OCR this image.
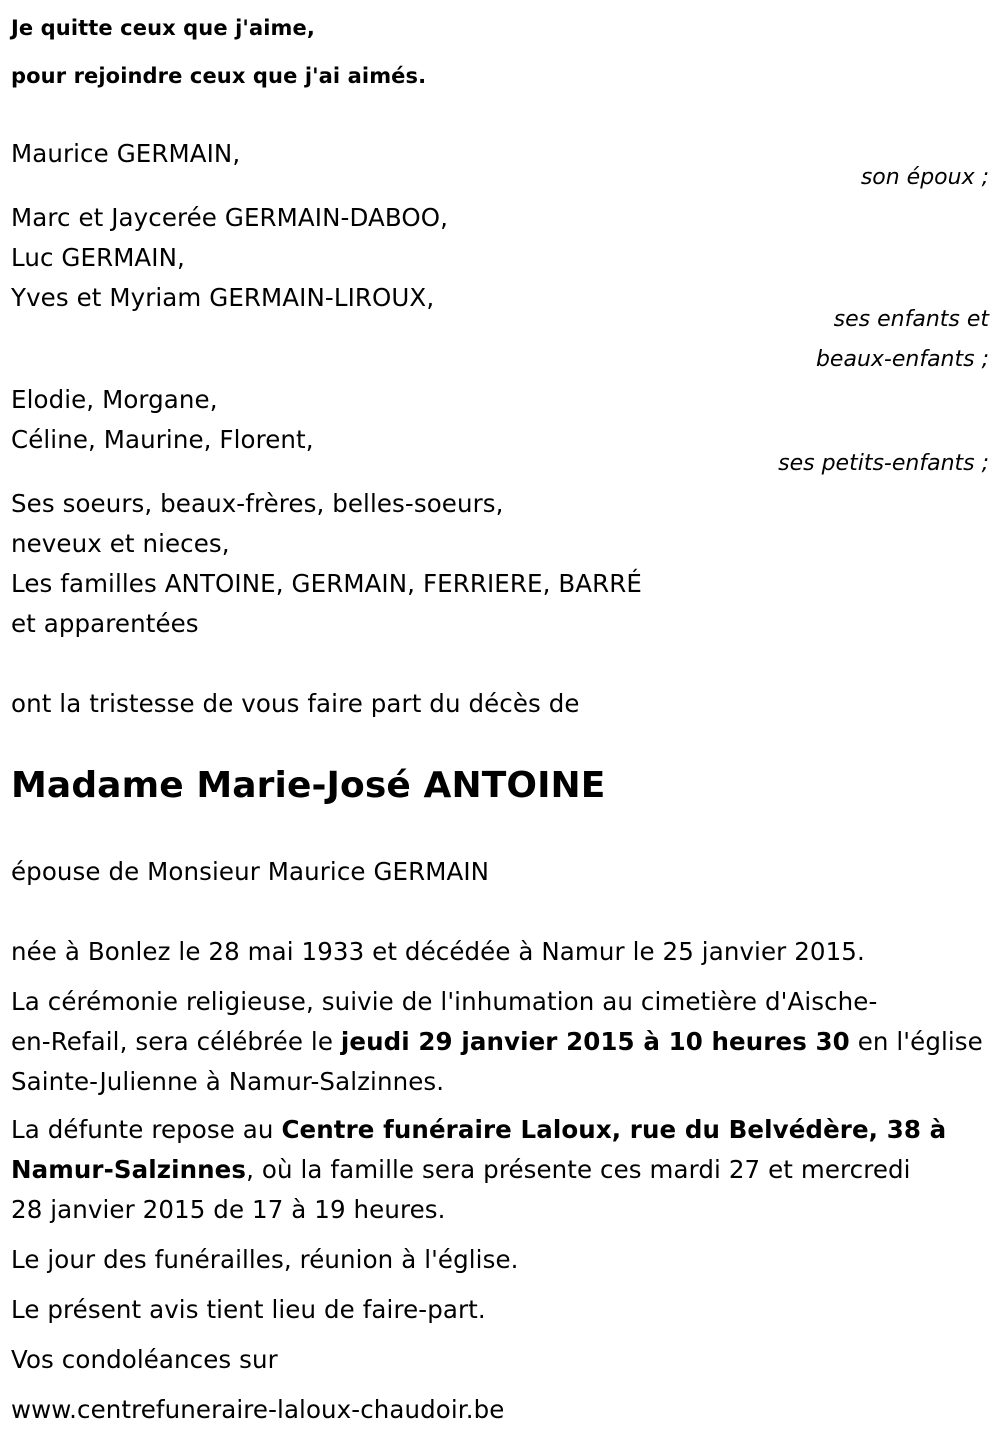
Je quitte ceux que j'aime,
pour rejoindre ceux que j'ai aimés.
Maurice GERMAIN,
son époux ;
Marc et Jaycerée GERMAIN-DABOO,
Luc GERMAIN,
Yves et Myriam GERMAIN-LIROUX,
ses enfants et
beaux-enfants ;
Elodie, Morgane,
Céline, Maurine, Florent,
ses petits-enfants ;
Ses soeurs, beaux-frères, belles-soeurs,
neveux et nieces,
Les familles ANTOINE, GERMAIN, FERRIERE, BARRÉ
et apparentées
ont la tristesse de vous faire part du décès de
Madame Marie-José ANTOINE
épouse de Monsieur Maurice GERMAIN
née à Bonlez le 28 mai 1933 et décédée à Namur le 25 janvier 2015.
La cérémonie religieuse, suivie de l'inhumation au cimetière d'Aische-
en-Refail, sera célébrée le jeudi 29 janvier 2015 à 10 heures 30 en l'église
Sainte-Julienne à Namur-Salzinnes.
La défunte repose au Centre funéraire Laloux, rue du Belvédère, 38 à
Namur-Salzinnes, où la famille sera présente ces mardi 27 et mercredi
28 janvier 2015 de 17 à 19 heures.
Le jour des funérailles, réunion à l'église.
Le présent avis tient lieu de faire-part.
Vos condoléances sur
www.centrefuneraire-laloux-chaudoir.be
